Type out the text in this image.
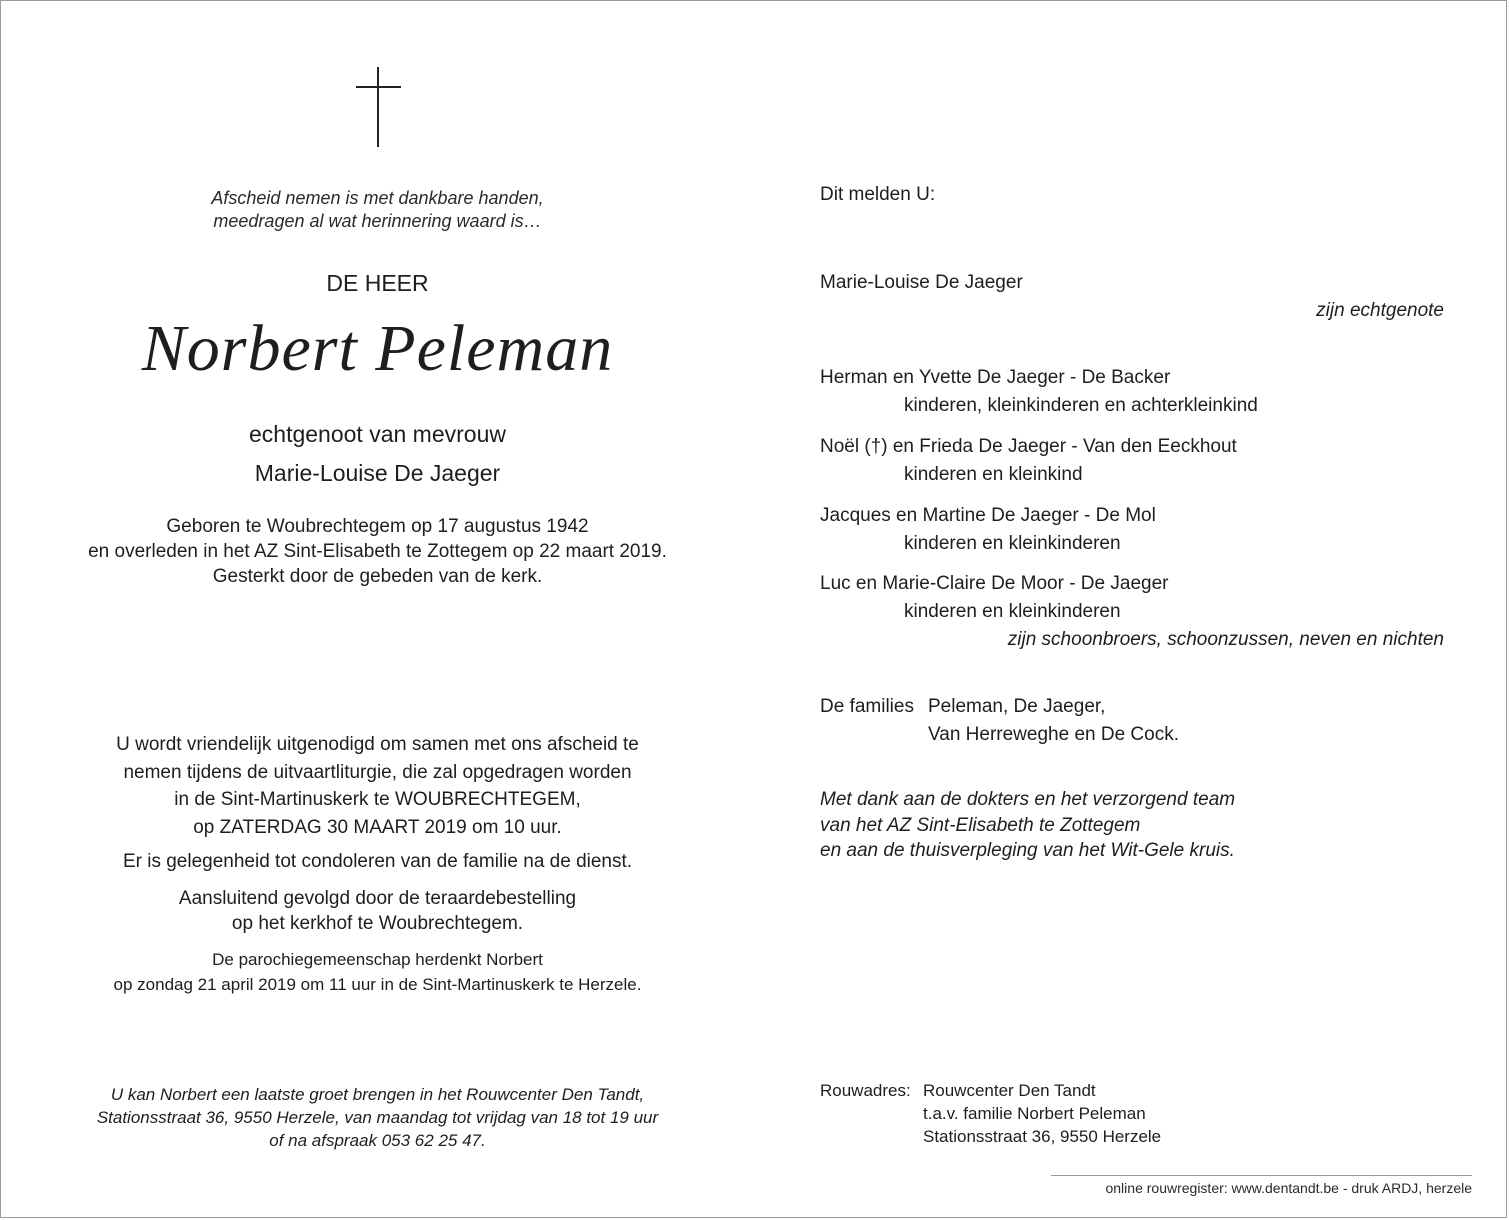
Afscheid nemen is met dankbare handen,
meedragen al wat herinnering waard is…
DE HEER
Norbert Peleman
echtgenoot van mevrouw
Marie-Louise De Jaeger
Geboren te Woubrechtegem op 17 augustus 1942
en overleden in het AZ Sint-Elisabeth te Zottegem op 22 maart 2019.
Gesterkt door de gebeden van de kerk.
U wordt vriendelijk uitgenodigd om samen met ons afscheid te
nemen tijdens de uitvaartliturgie, die zal opgedragen worden
in de Sint-Martinuskerk te WOUBRECHTEGEM,
op ZATERDAG 30 MAART 2019 om 10 uur.
Er is gelegenheid tot condoleren van de familie na de dienst.
Aansluitend gevolgd door de teraardebestelling
op het kerkhof te Woubrechtegem.
De parochiegemeenschap herdenkt Norbert
op zondag 21 april 2019 om 11 uur in de Sint-Martinuskerk te Herzele.
U kan Norbert een laatste groet brengen in het Rouwcenter Den Tandt,
Stationsstraat 36, 9550 Herzele, van maandag tot vrijdag van 18 tot 19 uur
of na afspraak 053 62 25 47.
Dit melden U:
Marie-Louise De Jaeger
zijn echtgenote
Herman en Yvette De Jaeger - De Backer
kinderen, kleinkinderen en achterkleinkind
Noël (†) en Frieda De Jaeger - Van den Eeckhout
kinderen en kleinkind
Jacques en Martine De Jaeger - De Mol
kinderen en kleinkinderen
Luc en Marie-Claire De Moor - De Jaeger
kinderen en kleinkinderen
zijn schoonbroers, schoonzussen, neven en nichten
De families Peleman, De Jaeger,
Van Herreweghe en De Cock.
Met dank aan de dokters en het verzorgend team
van het AZ Sint-Elisabeth te Zottegem
en aan de thuisverpleging van het Wit-Gele kruis.
Rouwadres: Rouwcenter Den Tandt
t.a.v. familie Norbert Peleman
Stationsstraat 36, 9550 Herzele
online rouwregister: www.dentandt.be - druk ARDJ, herzele
